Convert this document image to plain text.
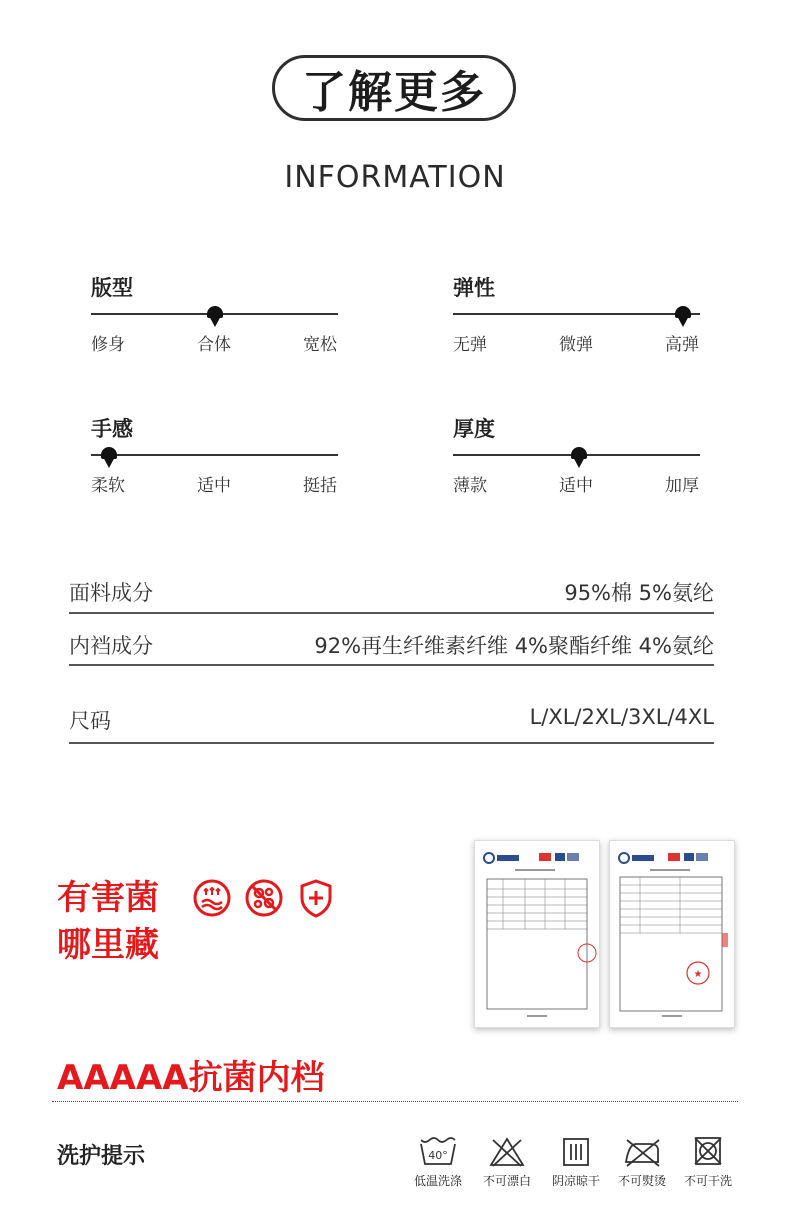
了解更多
INFORMATION
版型
修身	合体	宽松
弹性
无弹	微弹	高弹
手感
柔软	适中	挺括
厚度
薄款	适中	加厚
面料成分	95%棉 5%氨纶
内裆成分	92%再生纤维素纤维 4%聚酯纤维 4%氨纶
尺码	L/XL/2XL/3XL/4XL
有害菌
哪里藏
★
AAAAA抗菌内档
洗护提示	40°
低温洗涤	不可漂白	阴凉晾干	不可熨烫	不可干洗
